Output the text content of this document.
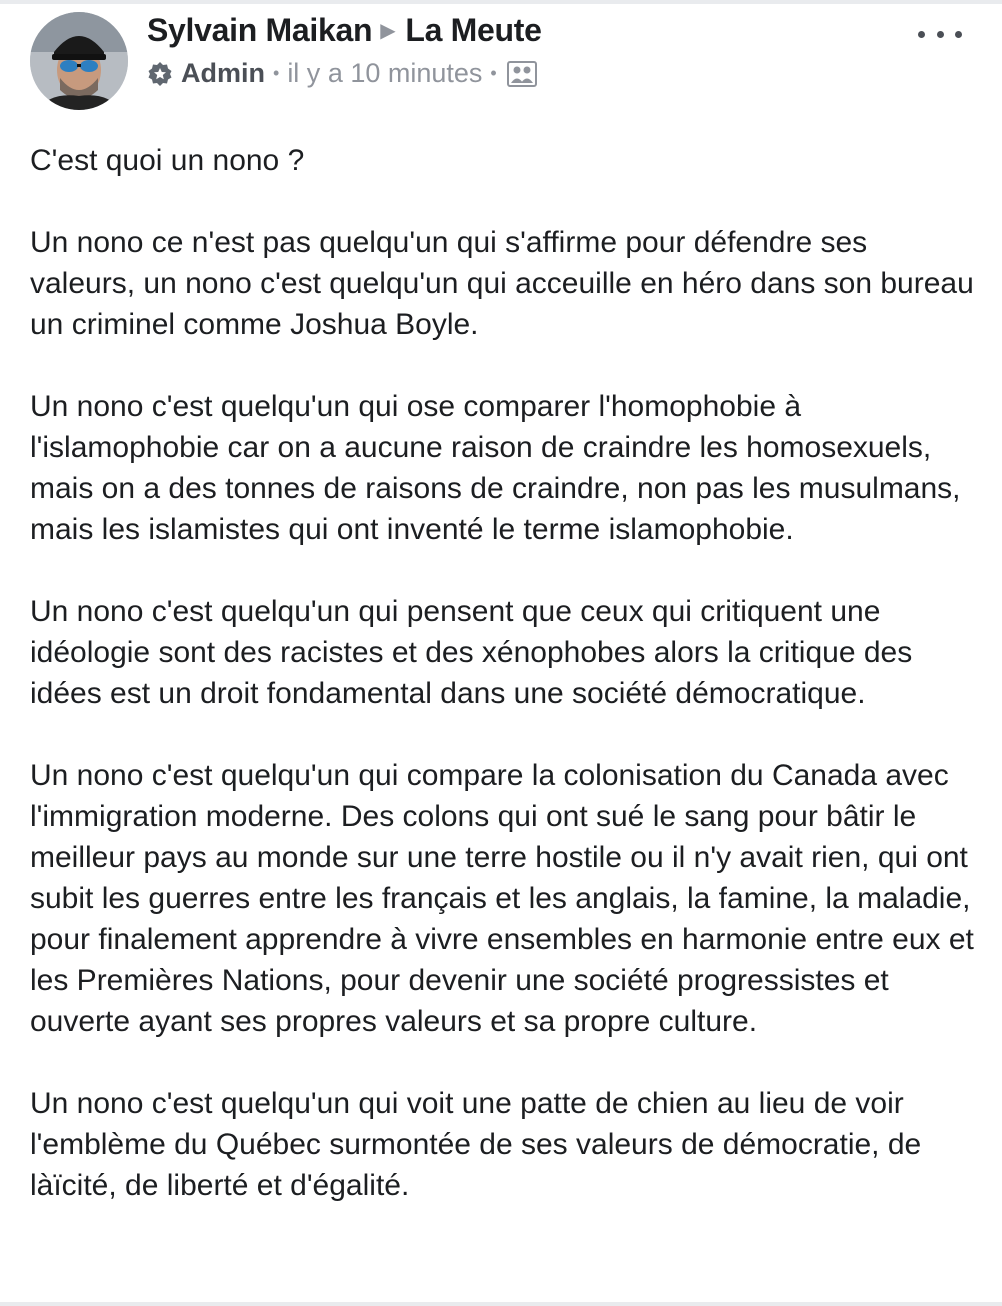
Sylvain Maikan ▶ La Meute
Admin • il y a 10 minutes •

C'est quoi un nono ?

Un nono ce n'est pas quelqu'un qui s'affirme pour défendre ses valeurs, un nono c'est quelqu'un qui acceuille en héro dans son bureau un criminel comme Joshua Boyle.

Un nono c'est quelqu'un qui ose comparer l'homophobie à l'islamophobie car on a aucune raison de craindre les homosexuels, mais on a des tonnes de raisons de craindre, non pas les musulmans, mais les islamistes qui ont inventé le terme islamophobie.

Un nono c'est quelqu'un qui pensent que ceux qui critiquent une idéologie sont des racistes et des xénophobes alors la critique des idées est un droit fondamental dans une société démocratique.

Un nono c'est quelqu'un qui compare la colonisation du Canada avec l'immigration moderne. Des colons qui ont sué le sang pour bâtir le meilleur pays au monde sur une terre hostile ou il n'y avait rien, qui ont subit les guerres entre les français et les anglais, la famine, la maladie, pour finalement apprendre à vivre ensembles en harmonie entre eux et les Premières Nations, pour devenir une société progressistes et ouverte ayant ses propres valeurs et sa propre culture.

Un nono c'est quelqu'un qui voit une patte de chien au lieu de voir l'emblème du Québec surmontée de ses valeurs de démocratie, de làïcité, de liberté et d'égalité.
